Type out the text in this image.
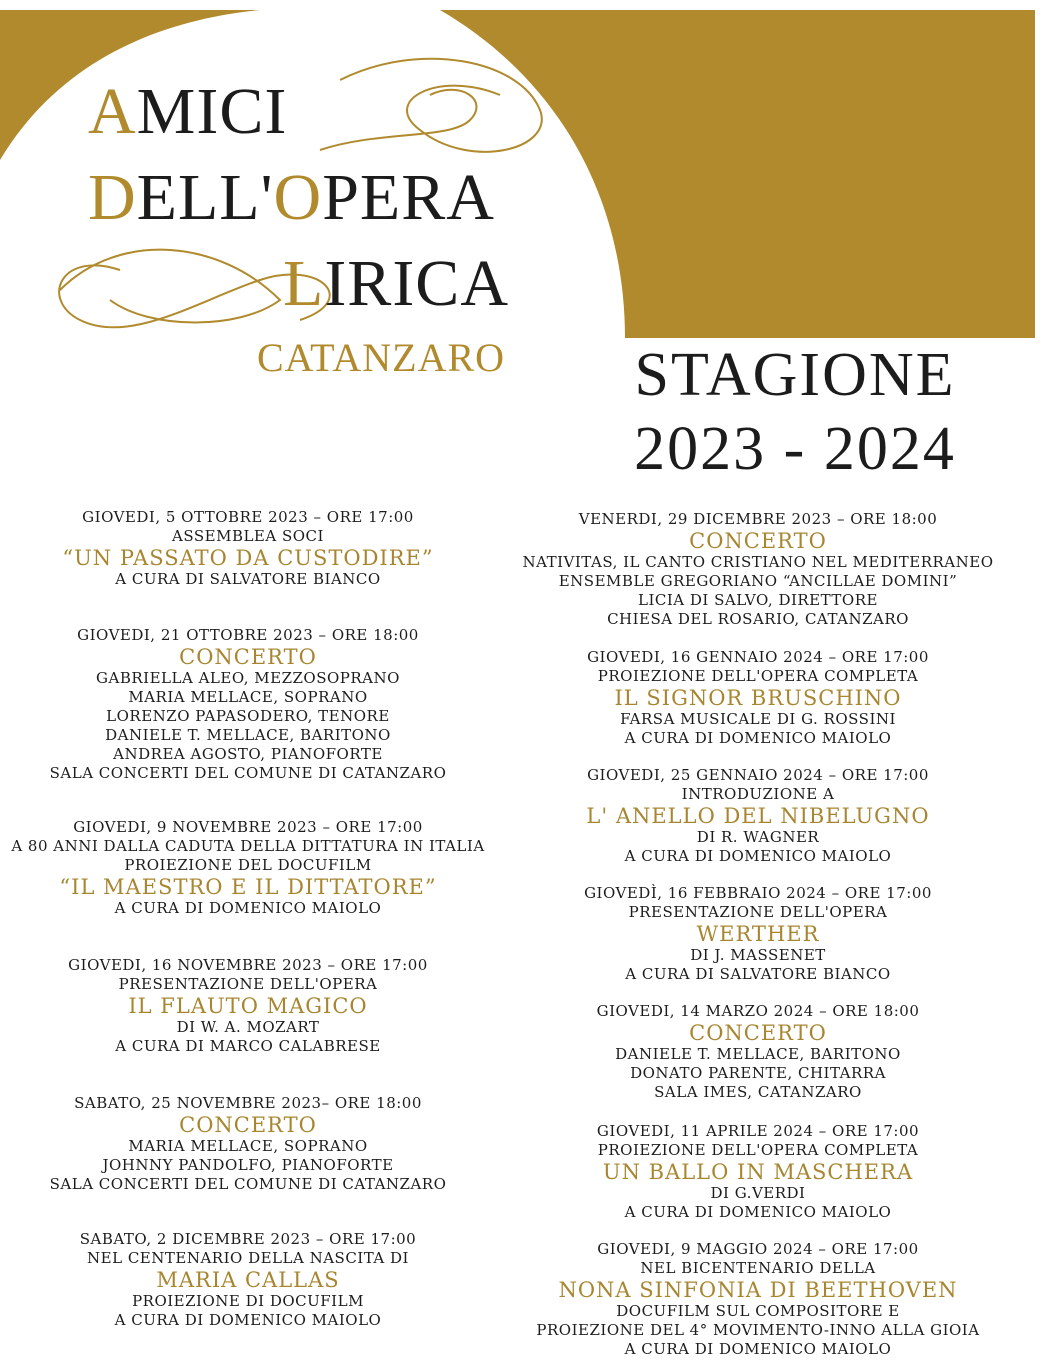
AMICI
DELL'OPERA
LIRICA
CATANZARO	STAGIONE
2023 - 2024
GIOVEDI, 5 OTTOBRE 2023 – ORE 17:00
ASSEMBLEA SOCI
“UN PASSATO DA CUSTODIRE”
A CURA DI SALVATORE BIANCO
GIOVEDI, 21 OTTOBRE 2023 – ORE 18:00
CONCERTO
GABRIELLA ALEO, MEZZOSOPRANO
MARIA MELLACE, SOPRANO
LORENZO PAPASODERO, TENORE
DANIELE T. MELLACE, BARITONO
ANDREA AGOSTO, PIANOFORTE
SALA CONCERTI DEL COMUNE DI CATANZARO
GIOVEDI, 9 NOVEMBRE 2023 – ORE 17:00
A 80 ANNI DALLA CADUTA DELLA DITTATURA IN ITALIA
PROIEZIONE DEL DOCUFILM
“IL MAESTRO E IL DITTATORE”
A CURA DI DOMENICO MAIOLO
GIOVEDI, 16 NOVEMBRE 2023 – ORE 17:00
PRESENTAZIONE DELL'OPERA
IL FLAUTO MAGICO
DI W. A. MOZART
A CURA DI MARCO CALABRESE
SABATO, 25 NOVEMBRE 2023– ORE 18:00
CONCERTO
MARIA MELLACE, SOPRANO
JOHNNY PANDOLFO, PIANOFORTE
SALA CONCERTI DEL COMUNE DI CATANZARO
SABATO, 2 DICEMBRE 2023 – ORE 17:00
NEL CENTENARIO DELLA NASCITA DI
MARIA CALLAS
PROIEZIONE DI DOCUFILM
A CURA DI DOMENICO MAIOLO
VENERDI, 29 DICEMBRE 2023 – ORE 18:00
CONCERTO
NATIVITAS, IL CANTO CRISTIANO NEL MEDITERRANEO
ENSEMBLE GREGORIANO “ANCILLAE DOMINI”
LICIA DI SALVO, DIRETTORE
CHIESA DEL ROSARIO, CATANZARO
GIOVEDI, 16 GENNAIO 2024 – ORE 17:00
PROIEZIONE DELL'OPERA COMPLETA
IL SIGNOR BRUSCHINO
FARSA MUSICALE DI G. ROSSINI
A CURA DI DOMENICO MAIOLO
GIOVEDI, 25 GENNAIO 2024 – ORE 17:00
INTRODUZIONE A
L' ANELLO DEL NIBELUGNO
DI R. WAGNER
A CURA DI DOMENICO MAIOLO
GIOVEDÌ, 16 FEBBRAIO 2024 – ORE 17:00
PRESENTAZIONE DELL'OPERA
WERTHER
DI J. MASSENET
A CURA DI SALVATORE BIANCO
GIOVEDI, 14 MARZO 2024 – ORE 18:00
CONCERTO
DANIELE T. MELLACE, BARITONO
DONATO PARENTE, CHITARRA
SALA IMES, CATANZARO
GIOVEDI, 11 APRILE 2024 – ORE 17:00
PROIEZIONE DELL'OPERA COMPLETA
UN BALLO IN MASCHERA
DI G.VERDI
A CURA DI DOMENICO MAIOLO
GIOVEDI, 9 MAGGIO 2024 – ORE 17:00
NEL BICENTENARIO DELLA
NONA SINFONIA DI BEETHOVEN
DOCUFILM SUL COMPOSITORE E
PROIEZIONE DEL 4° MOVIMENTO-INNO ALLA GIOIA
A CURA DI DOMENICO MAIOLO
